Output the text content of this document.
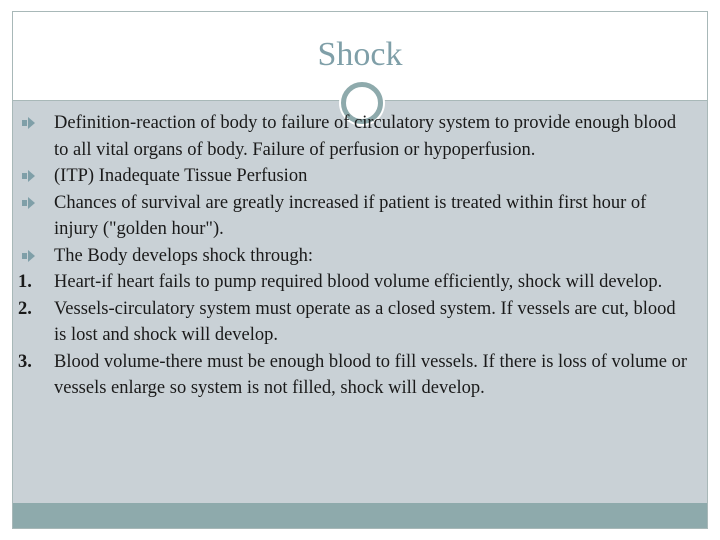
Shock
Definition-reaction of body to failure of circulatory system to provide enough blood to all vital organs of body. Failure of perfusion or hypoperfusion.
(ITP) Inadequate Tissue Perfusion
Chances of survival are greatly increased if patient is treated within first hour of injury ("golden hour").
The Body develops shock through:
1. Heart-if heart fails to pump required blood volume efficiently, shock will develop.
2. Vessels-circulatory system must operate as a closed system. If vessels are cut, blood is lost and shock will develop.
3. Blood volume-there must be enough blood to fill vessels. If there is loss of volume or vessels enlarge so system is not filled, shock will develop.
